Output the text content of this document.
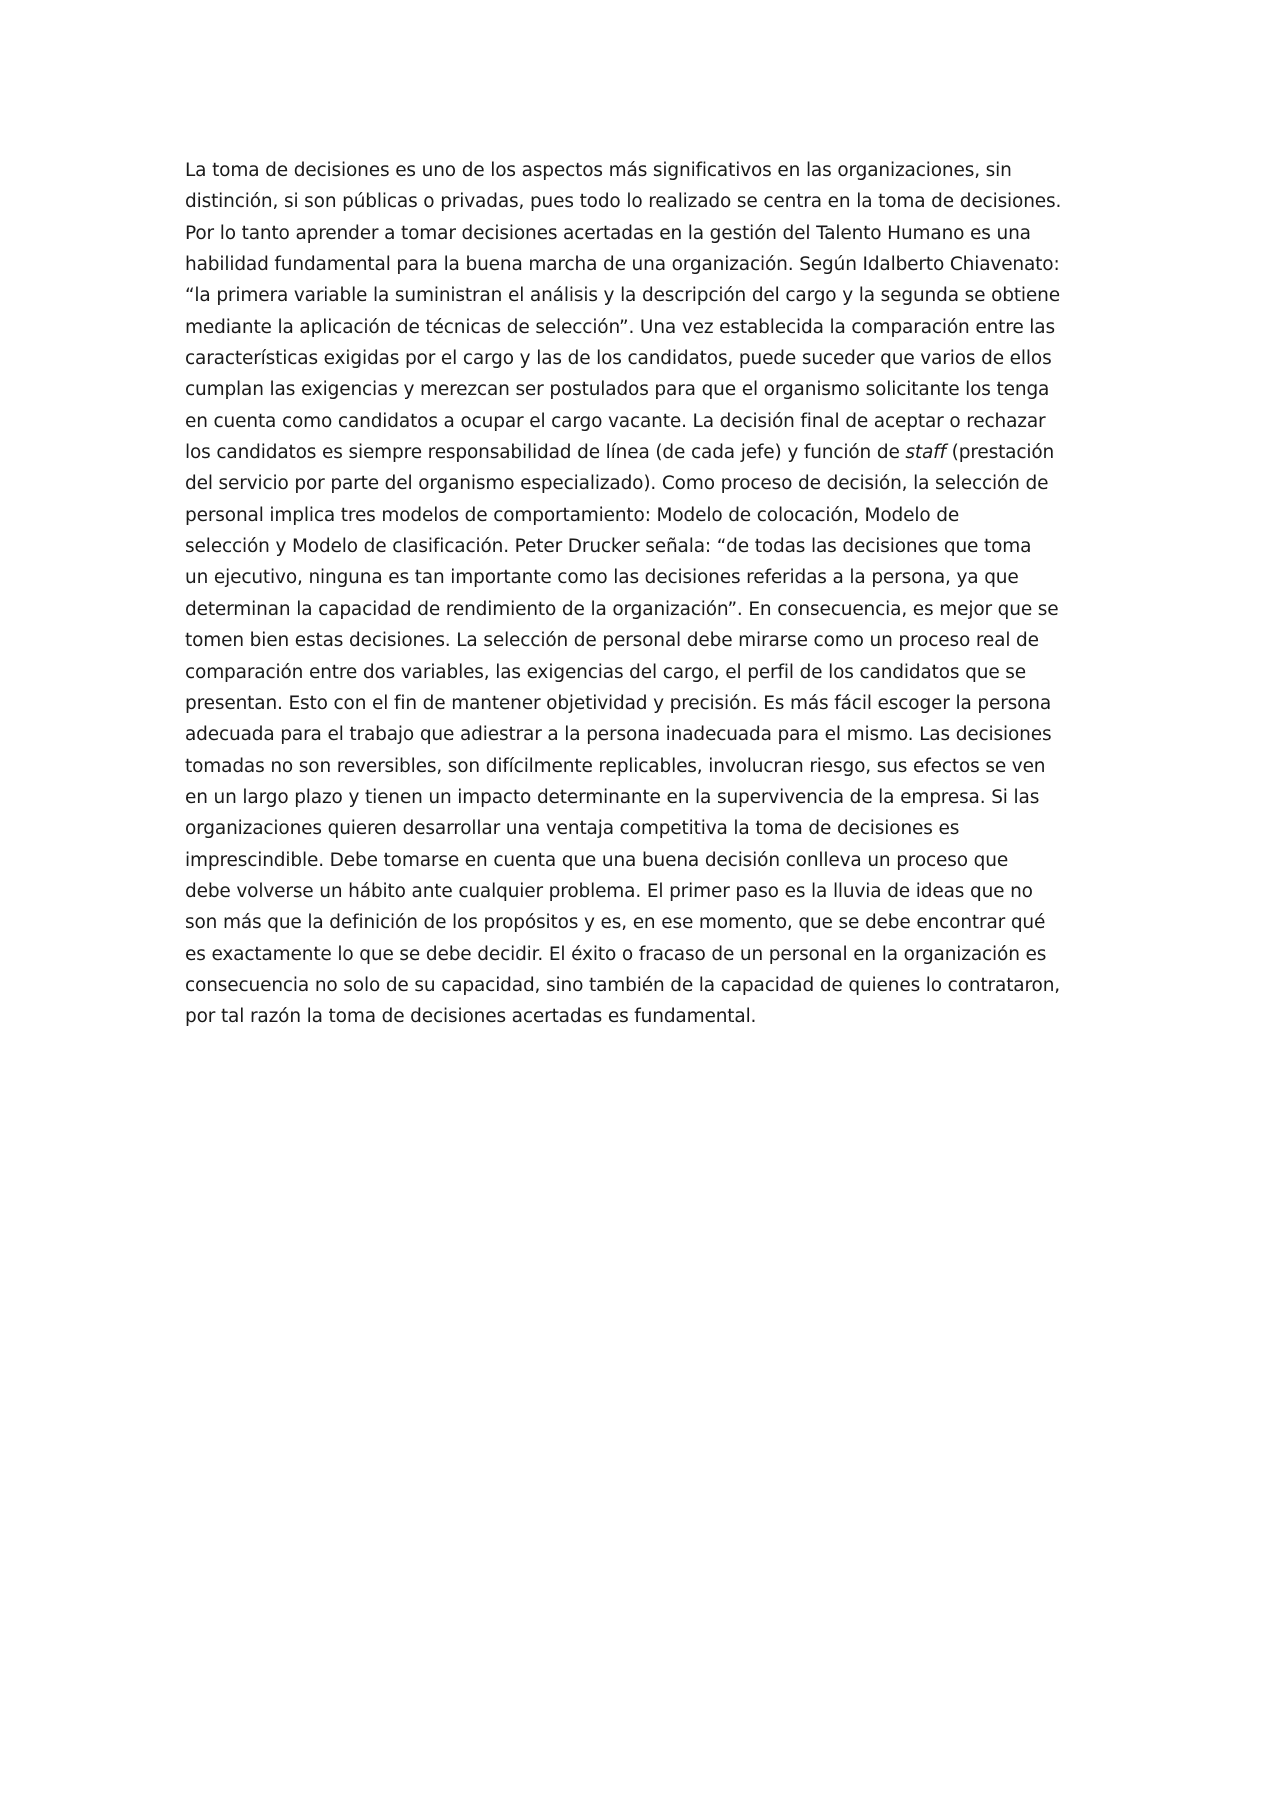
La toma de decisiones es uno de los aspectos más significativos en las organizaciones, sin
distinción, si son públicas o privadas, pues todo lo realizado se centra en la toma de decisiones.
Por lo tanto aprender a tomar decisiones acertadas en la gestión del Talento Humano es una
habilidad fundamental para la buena marcha de una organización. Según Idalberto Chiavenato:
“la primera variable la suministran el análisis y la descripción del cargo y la segunda se obtiene
mediante la aplicación de técnicas de selección”. Una vez establecida la comparación entre las
características exigidas por el cargo y las de los candidatos, puede suceder que varios de ellos
cumplan las exigencias y merezcan ser postulados para que el organismo solicitante los tenga
en cuenta como candidatos a ocupar el cargo vacante. La decisión final de aceptar o rechazar
los candidatos es siempre responsabilidad de línea (de cada jefe) y función de staff (prestación
del servicio por parte del organismo especializado). Como proceso de decisión, la selección de
personal implica tres modelos de comportamiento: Modelo de colocación, Modelo de
selección y Modelo de clasificación. Peter Drucker señala: “de todas las decisiones que toma
un ejecutivo, ninguna es tan importante como las decisiones referidas a la persona, ya que
determinan la capacidad de rendimiento de la organización”. En consecuencia, es mejor que se
tomen bien estas decisiones. La selección de personal debe mirarse como un proceso real de
comparación entre dos variables, las exigencias del cargo, el perfil de los candidatos que se
presentan. Esto con el fin de mantener objetividad y precisión. Es más fácil escoger la persona
adecuada para el trabajo que adiestrar a la persona inadecuada para el mismo. Las decisiones
tomadas no son reversibles, son difícilmente replicables, involucran riesgo, sus efectos se ven
en un largo plazo y tienen un impacto determinante en la supervivencia de la empresa. Si las
organizaciones quieren desarrollar una ventaja competitiva la toma de decisiones es
imprescindible. Debe tomarse en cuenta que una buena decisión conlleva un proceso que
debe volverse un hábito ante cualquier problema. El primer paso es la lluvia de ideas que no
son más que la definición de los propósitos y es, en ese momento, que se debe encontrar qué
es exactamente lo que se debe decidir. El éxito o fracaso de un personal en la organización es
consecuencia no solo de su capacidad, sino también de la capacidad de quienes lo contrataron,
por tal razón la toma de decisiones acertadas es fundamental.
